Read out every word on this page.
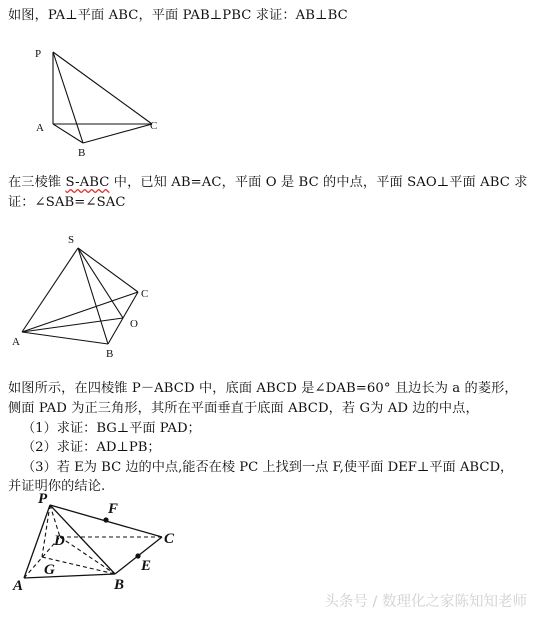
如图，PA⊥平面 ABC，平面 PAB⊥PBC 求证：AB⊥BC
在三棱锥 S-ABC 中，已知 AB=AC，平面 O 是 BC 的中点，平面 SAO⊥平面 ABC 求
证：∠SAB=∠SAC
如图所示，在四棱锥 P－ABCD 中，底面 ABCD 是∠DAB=60° 且边长为 a 的菱形，
侧面 PAD 为正三角形，其所在平面垂直于底面 ABCD，若 G为 AD 边的中点，
（1）求证：BG⊥平面 PAD；
（2）求证：AD⊥PB；
（3）若 E为 BC 边的中点,能否在棱 PC 上找到一点 F,使平面 DEF⊥平面 ABCD，
并证明你的结论.
P
A
B
C
S
C
O
A
B
P
F
C
D
E
G
A	B
头条号 / 数理化之家陈知知老师
